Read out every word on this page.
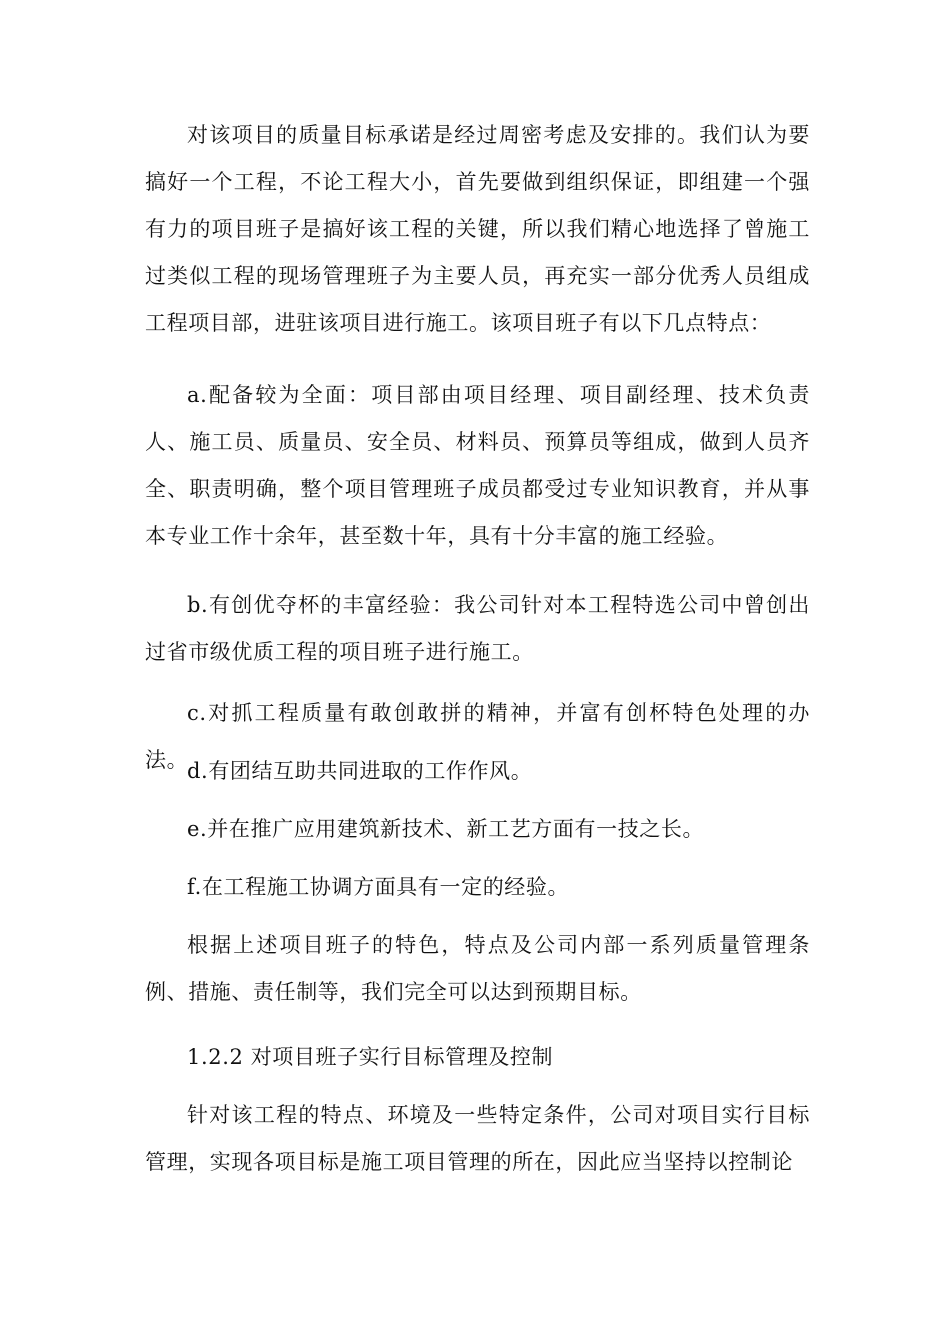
对该项目的质量目标承诺是经过周密考虑及安排的。我们认为要搞好一个工程，不论工程大小，首先要做到组织保证，即组建一个强有力的项目班子是搞好该工程的关键，所以我们精心地选择了曾施工过类似工程的现场管理班子为主要人员，再充实一部分优秀人员组成工程项目部，进驻该项目进行施工。该项目班子有以下几点特点：

a.配备较为全面：项目部由项目经理、项目副经理、技术负责人、施工员、质量员、安全员、材料员、预算员等组成，做到人员齐全、职责明确，整个项目管理班子成员都受过专业知识教育，并从事本专业工作十余年，甚至数十年，具有十分丰富的施工经验。

b.有创优夺杯的丰富经验：我公司针对本工程特选公司中曾创出过省市级优质工程的项目班子进行施工。

c.对抓工程质量有敢创敢拼的精神，并富有创杯特色处理的办法。

d.有团结互助共同进取的工作作风。

e.并在推广应用建筑新技术、新工艺方面有一技之长。

f.在工程施工协调方面具有一定的经验。

根据上述项目班子的特色，特点及公司内部一系列质量管理条例、措施、责任制等，我们完全可以达到预期目标。

1.2.2 对项目班子实行目标管理及控制

针对该工程的特点、环境及一些特定条件，公司对项目实行目标管理，实现各项目标是施工项目管理的所在，因此应当坚持以控制论
